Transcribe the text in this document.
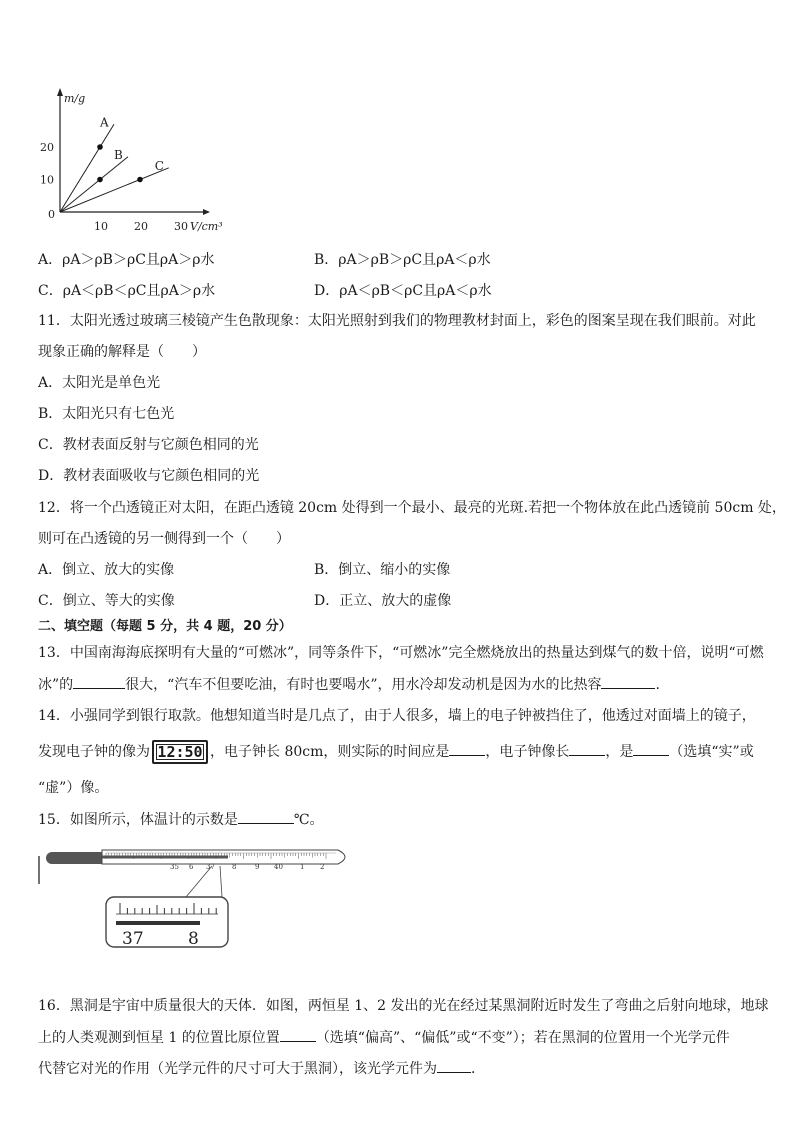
m/g
V/cm³
0
10 20 30
10
20
A
B
C
A．ρA＞ρB＞ρC且ρA＞ρ水	B．ρA＞ρB＞ρC且ρA＜ρ水
C．ρA＜ρB＜ρC且ρA＞ρ水	D．ρA＜ρB＜ρC且ρA＜ρ水
11．太阳光透过玻璃三棱镜产生色散现象：太阳光照射到我们的物理教材封面上，彩色的图案呈现在我们眼前。对此
现象正确的解释是（　　）
A．太阳光是单色光
B．太阳光只有七色光
C．教材表面反射与它颜色相同的光
D．教材表面吸收与它颜色相同的光
12．将一个凸透镜正对太阳，在距凸透镜 20cm 处得到一个最小、最亮的光斑.若把一个物体放在此凸透镜前 50cm 处，
则可在凸透镜的另一侧得到一个（　　）
A．倒立、放大的实像	B．倒立、缩小的实像
C．倒立、等大的实像	D．正立、放大的虚像
二、填空题（每题 5 分，共 4 题，20 分）
13．中国南海海底探明有大量的“可燃冰”，同等条件下，“可燃冰”完全燃烧放出的热量达到煤气的数十倍，说明“可燃
冰”的	很大，“汽车不但要吃油，有时也要喝水”，用水冷却发动机是因为水的比热容	.
14．小强同学到银行取款。他想知道当时是几点了，由于人很多，墙上的电子钟被挡住了，他透过对面墙上的镜子，
发现电子钟的像为 12:50 ，电子钟长 80cm，则实际的时间应是	，电子钟像长	，是	（选填“实”或
“虚”）像。
15．如图所示，体温计的示数是	℃。
35 6 37 8	9 40 1 2
37	8
16．黑洞是宇宙中质量很大的天体．如图，两恒星 1、2 发出的光在经过某黑洞附近时发生了弯曲之后射向地球，地球
上的人类观测到恒星 1 的位置比原位置	（选填“偏高”、“偏低”或“不变”）；若在黑洞的位置用一个光学元件
代替它对光的作用（光学元件的尺寸可大于黑洞），该光学元件为 ．
